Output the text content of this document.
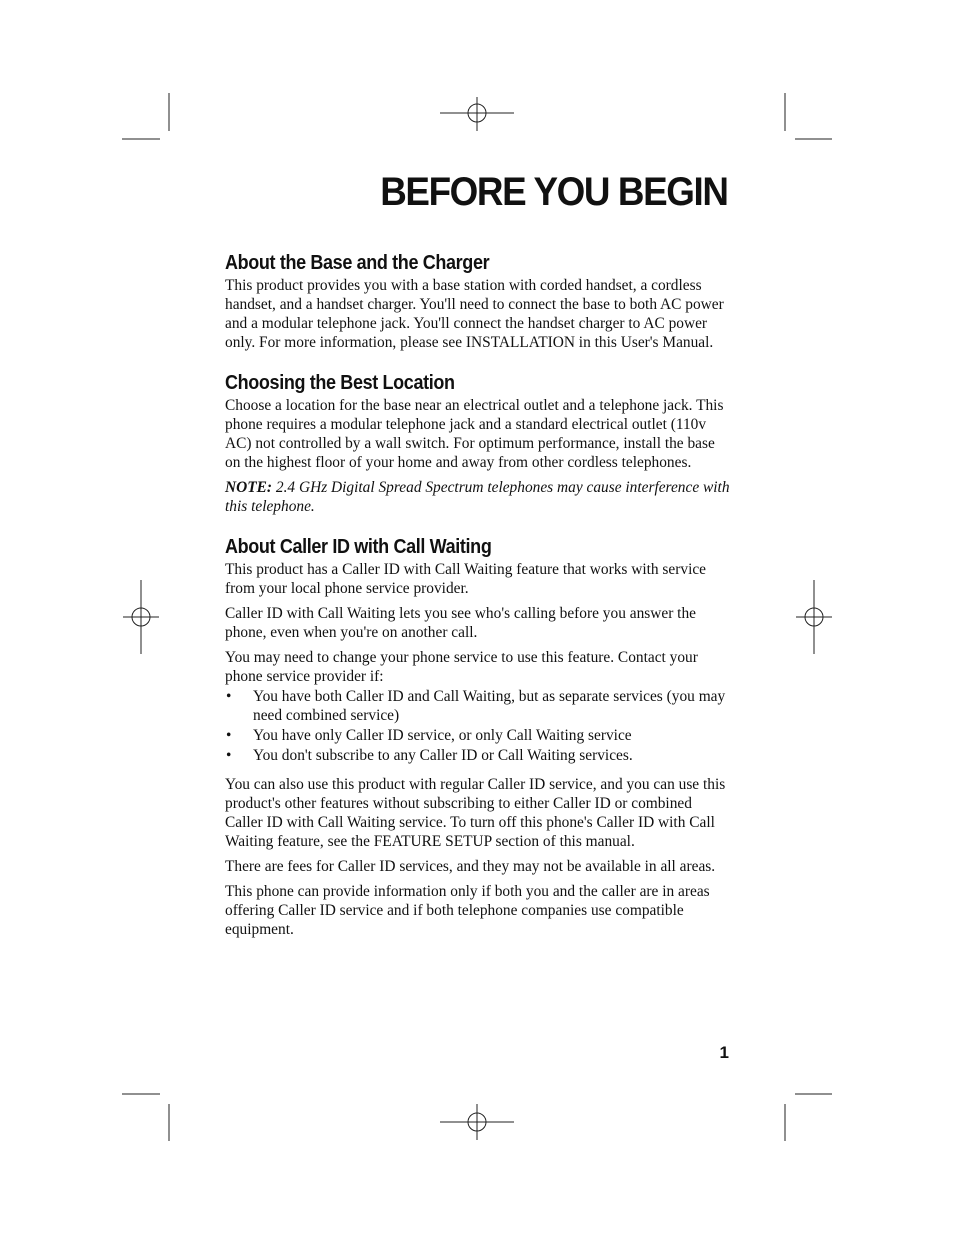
BEFORE YOU BEGIN
About the Base and the Charger

This product provides you with a base station with corded handset, a cordless handset, and a handset charger. You'll need to connect the base to both AC power and a modular telephone jack. You'll connect the handset charger to AC power only. For more information, please see INSTALLATION in this User's Manual.

Choosing the Best Location

Choose a location for the base near an electrical outlet and a telephone jack. This phone requires a modular telephone jack and a standard electrical outlet (110v AC) not controlled by a wall switch. For optimum performance, install the base on the highest floor of your home and away from other cordless telephones.

NOTE: 2.4 GHz Digital Spread Spectrum telephones may cause interference with this telephone.

About Caller ID with Call Waiting

This product has a Caller ID with Call Waiting feature that works with service from your local phone service provider.

Caller ID with Call Waiting lets you see who's calling before you answer the phone, even when you're on another call.

You may need to change your phone service to use this feature. Contact your phone service provider if:

• You have both Caller ID and Call Waiting, but as separate services (you may need combined service)
• You have only Caller ID service, or only Call Waiting service
• You don't subscribe to any Caller ID or Call Waiting services.

You can also use this product with regular Caller ID service, and you can use this product's other features without subscribing to either Caller ID or combined Caller ID with Call Waiting service. To turn off this phone's Caller ID with Call Waiting feature, see the FEATURE SETUP section of this manual.

There are fees for Caller ID services, and they may not be available in all areas.

This phone can provide information only if both you and the caller are in areas offering Caller ID service and if both telephone companies use compatible equipment.

1
